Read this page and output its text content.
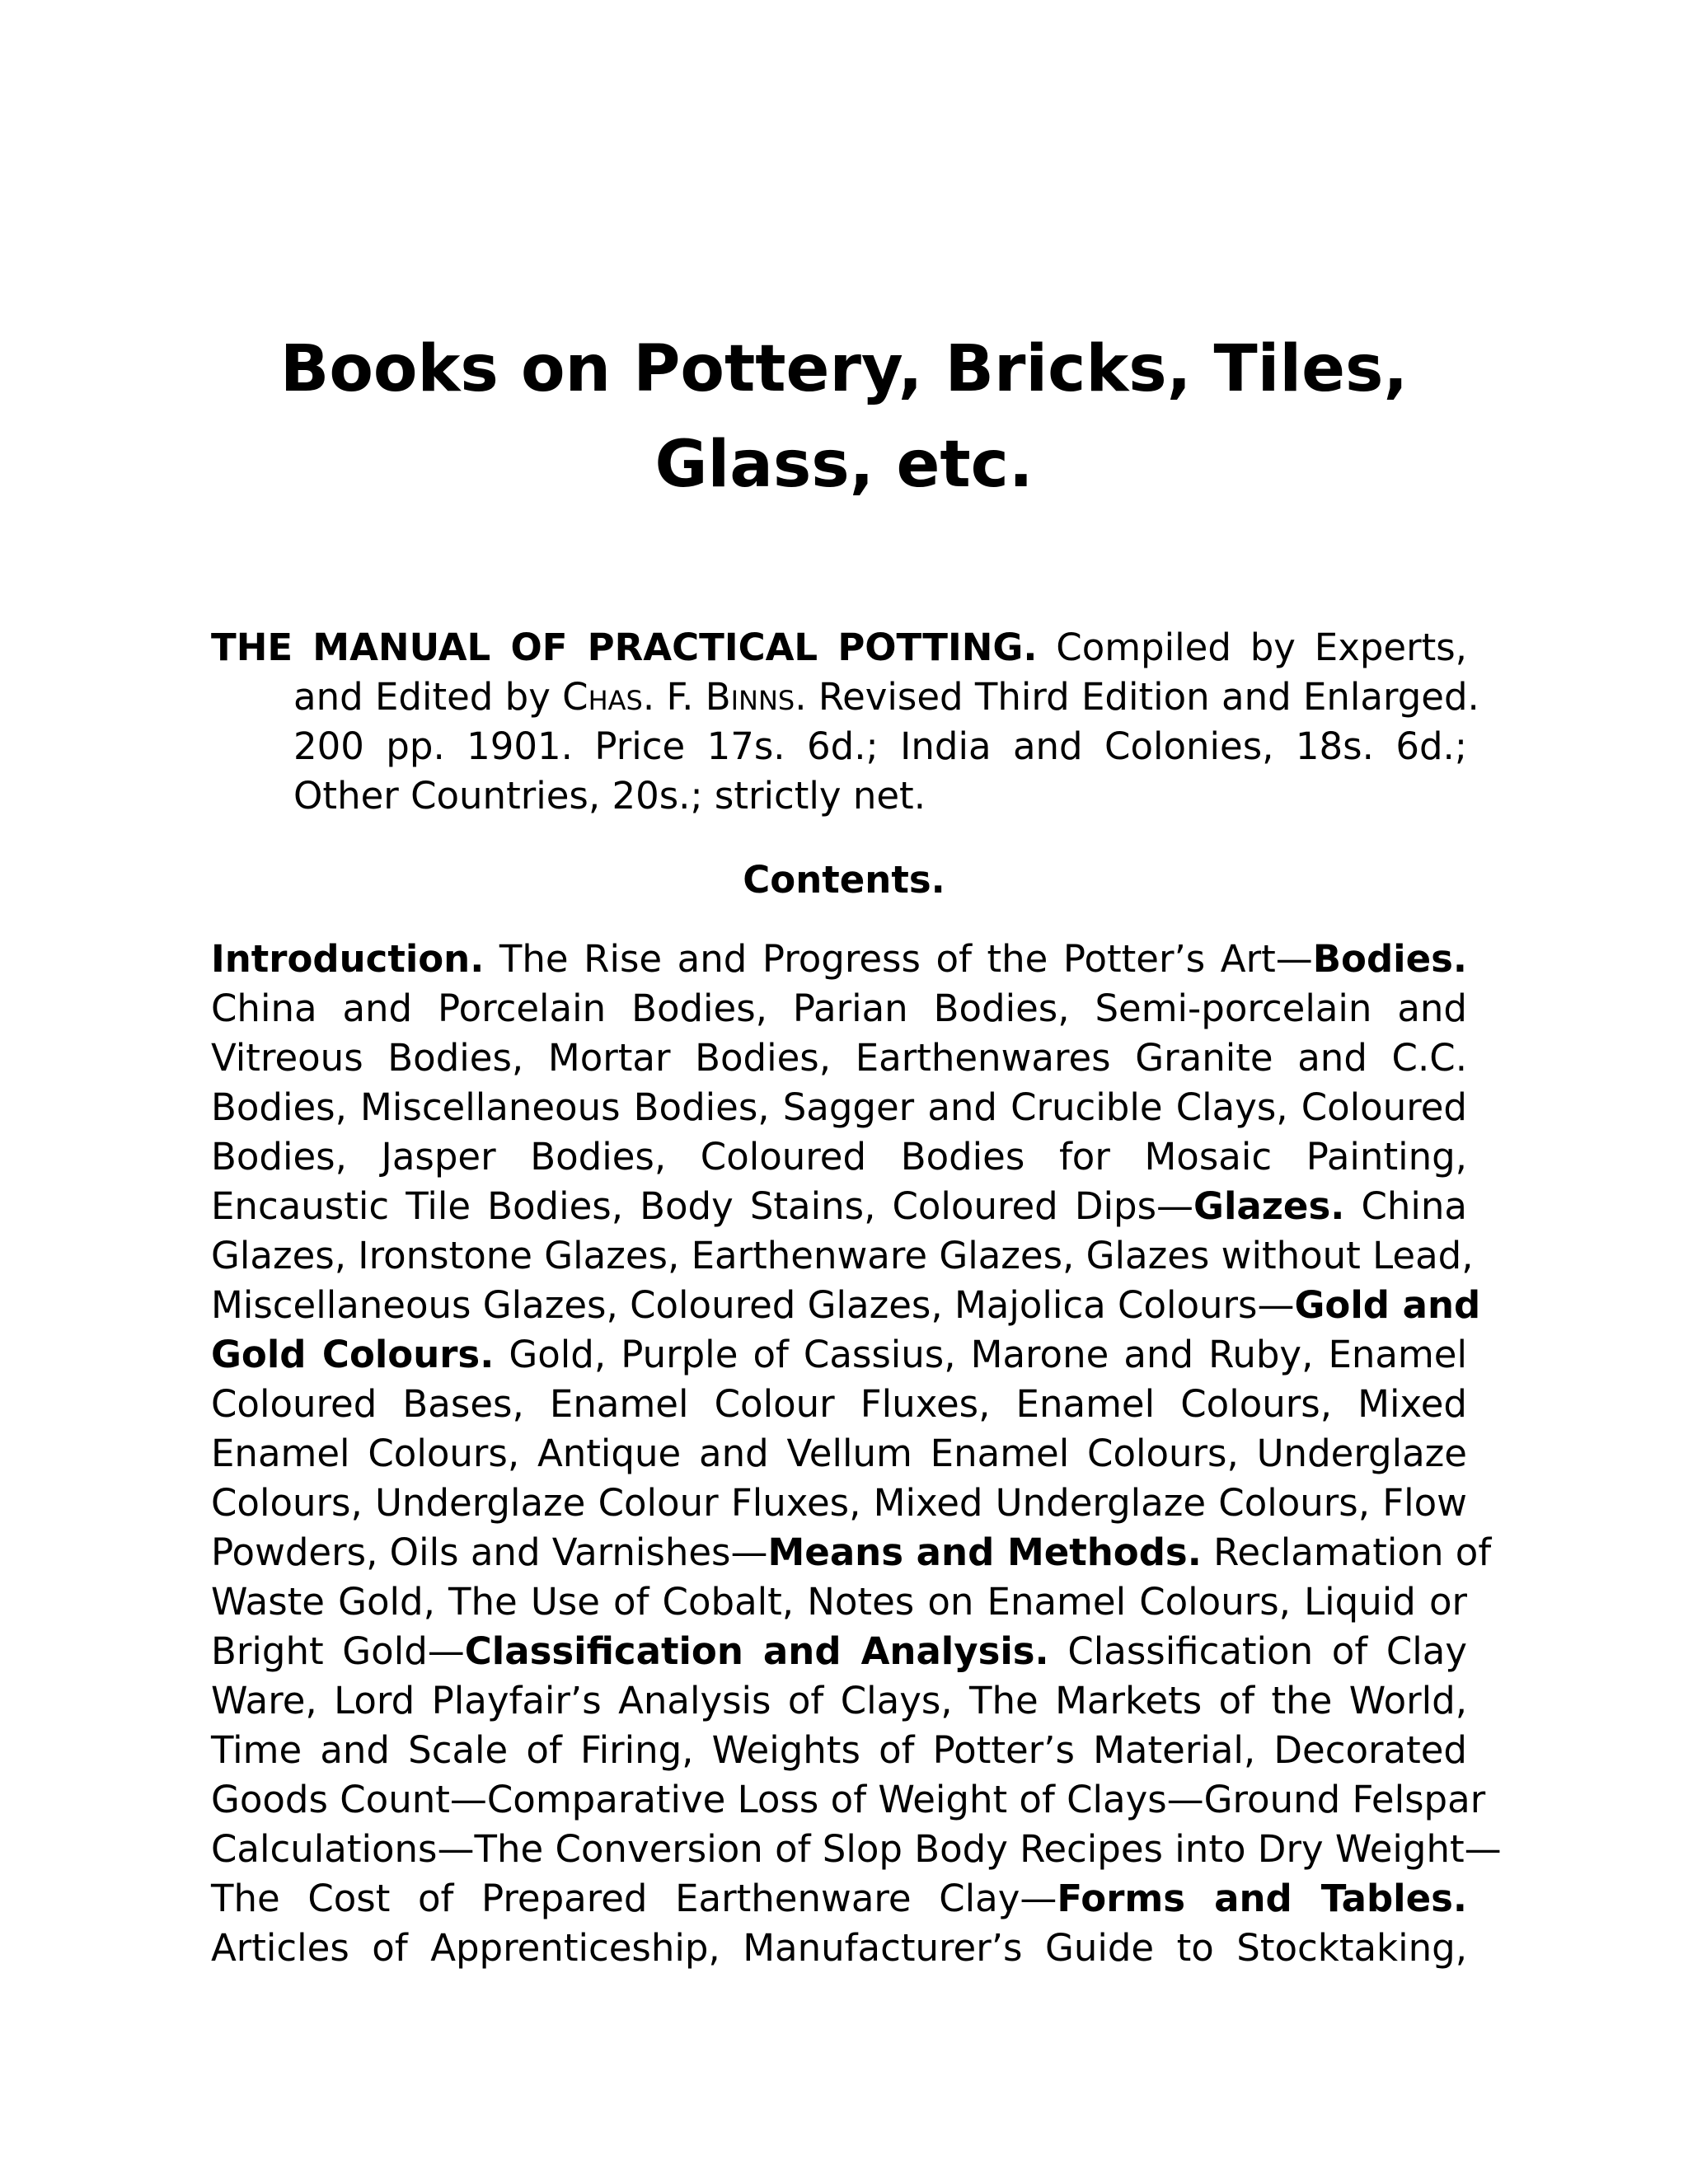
Books on Pottery, Bricks, Tiles,
Glass, etc.
THE MANUAL OF PRACTICAL POTTING. Compiled by Experts,
and Edited by Chas. F. Binns. Revised Third Edition and Enlarged.
200 pp. 1901. Price 17s. 6d.; India and Colonies, 18s. 6d.;
Other Countries, 20s.; strictly net.
Contents.
Introduction. The Rise and Progress of the Potter’s Art—Bodies.
China and Porcelain Bodies, Parian Bodies, Semi-porcelain and
Vitreous Bodies, Mortar Bodies, Earthenwares Granite and C.C.
Bodies, Miscellaneous Bodies, Sagger and Crucible Clays, Coloured
Bodies, Jasper Bodies, Coloured Bodies for Mosaic Painting,
Encaustic Tile Bodies, Body Stains, Coloured Dips—Glazes. China
Glazes, Ironstone Glazes, Earthenware Glazes, Glazes without Lead,
Miscellaneous Glazes, Coloured Glazes, Majolica Colours—Gold and
Gold Colours. Gold, Purple of Cassius, Marone and Ruby, Enamel
Coloured Bases, Enamel Colour Fluxes, Enamel Colours, Mixed
Enamel Colours, Antique and Vellum Enamel Colours, Underglaze
Colours, Underglaze Colour Fluxes, Mixed Underglaze Colours, Flow
Powders, Oils and Varnishes—Means and Methods. Reclamation of
Waste Gold, The Use of Cobalt, Notes on Enamel Colours, Liquid or
Bright Gold—Classification and Analysis. Classification of Clay
Ware, Lord Playfair’s Analysis of Clays, The Markets of the World,
Time and Scale of Firing, Weights of Potter’s Material, Decorated
Goods Count—Comparative Loss of Weight of Clays—Ground Felspar
Calculations—The Conversion of Slop Body Recipes into Dry Weight—
The Cost of Prepared Earthenware Clay—Forms and Tables.
Articles of Apprenticeship, Manufacturer’s Guide to Stocktaking,
